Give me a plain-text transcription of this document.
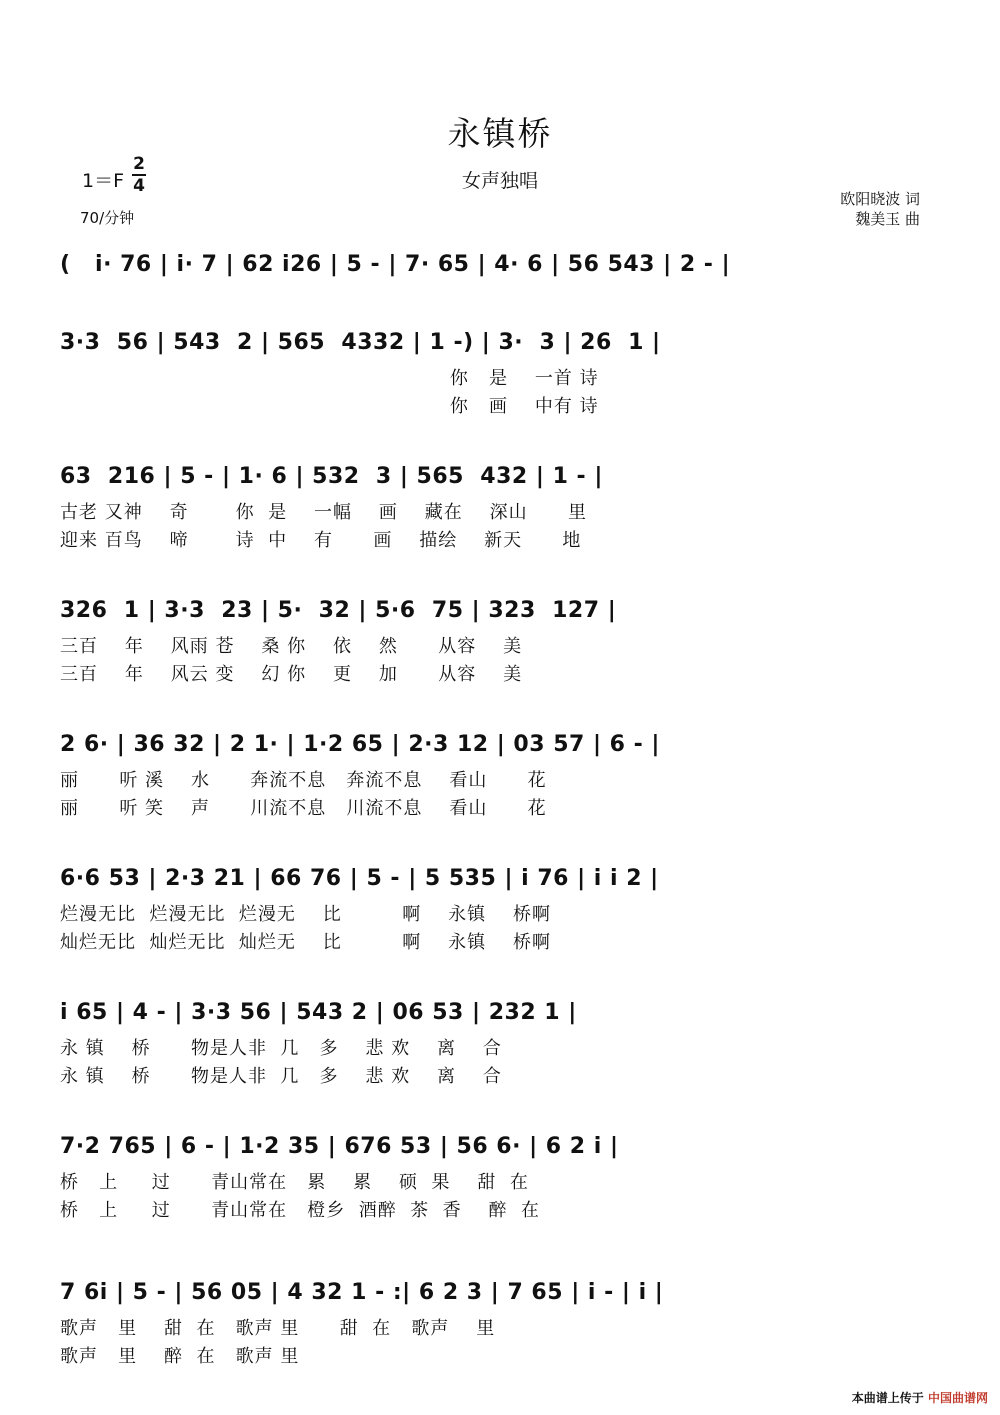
永镇桥
女声独唱
1＝F
2
4
70/分钟
欧阳晓波 词
魏美玉 曲
(   i· 76 | i· 7 | 62 i26 | 5 - | 7· 65 | 4· 6 | 56 543 | 2 - |
3·3  56 | 543  2 | 565  4332 | 1 -) | 3·  3 | 26  1 |
你   是    一首 诗
你   画    中有 诗
63  216 | 5 - | 1· 6 | 532  3 | 565  432 | 1 - |
古老 又神    奇       你  是    一幅    画    藏在    深山      里
迎来 百鸟    啼       诗  中    有      画    描绘    新天      地
326  1 | 3·3  23 | 5·  32 | 5·6  75 | 323  127 |
三百    年    风雨 苍    桑 你    依    然      从容    美
三百    年    风云 变    幻 你    更    加      从容    美
2 6· | 36 32 | 2 1· | 1·2 65 | 2·3 12 | 03 57 | 6 - |
丽      听 溪    水      奔流不息   奔流不息    看山      花
丽      听 笑    声      川流不息   川流不息    看山      花
6·6 53 | 2·3 21 | 66 76 | 5 - | 5 535 | i 76 | i i 2 |
烂漫无比  烂漫无比  烂漫无    比         啊    永镇    桥啊
灿烂无比  灿烂无比  灿烂无    比         啊    永镇    桥啊
i 65 | 4 - | 3·3 56 | 543 2 | 06 53 | 232 1 |
永 镇    桥      物是人非  几   多    悲 欢    离    合
永 镇    桥      物是人非  几   多    悲 欢    离    合
7·2 765 | 6 - | 1·2 35 | 676 53 | 56 6· | 6 2 i |
桥   上     过      青山常在   累    累    硕  果    甜  在
桥   上     过      青山常在   橙乡  酒醉  茶  香    醉  在
7 6i | 5 - | 56 05 | 4 32 1 - :| 6 2 3 | 7 65 | i - | i |
歌声   里    甜  在   歌声 里      甜  在   歌声    里
歌声   里    醉  在   歌声 里
本曲谱上传于 中国曲谱网
